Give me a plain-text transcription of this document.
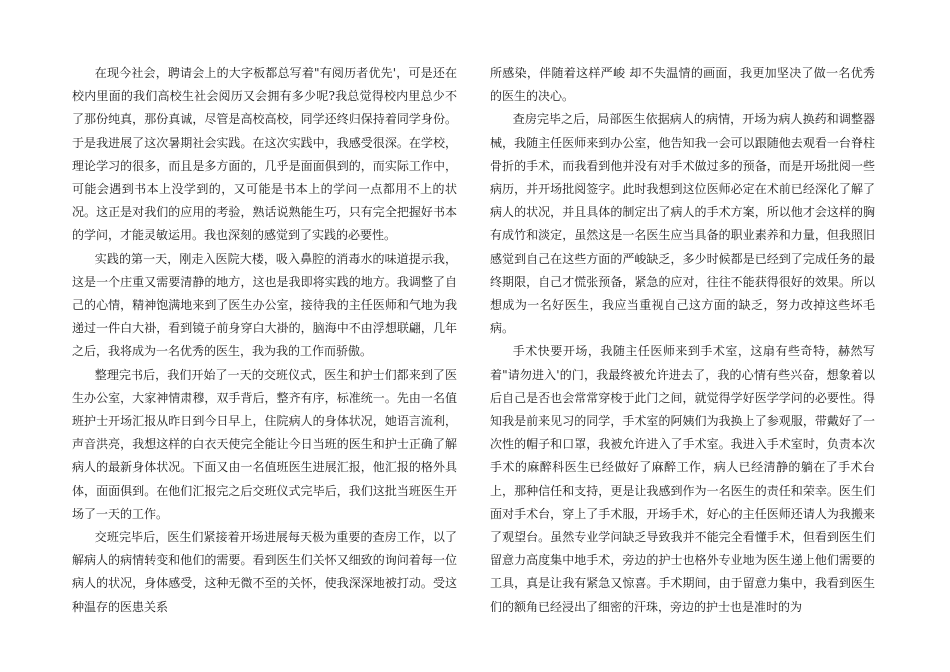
在现今社会，聘请会上的大字板都总写着"有阅历者优先'，可是还在校内里面的我们高校生社会阅历又会拥有多少呢?我总觉得校内里总少不了那份纯真，那份真诚，尽管是高校高校，同学还终归保持着同学身份。于是我进展了这次暑期社会实践。在这次实践中，我感受很深。在学校，理论学习的很多，而且是多方面的，几乎是面面俱到的，而实际工作中，可能会遇到书本上没学到的，又可能是书本上的学问一点都用不上的状况。这正是对我们的应用的考验，熟话说熟能生巧，只有完全把握好书本的学问，才能灵敏运用。我也深刻的感觉到了实践的必要性。

实践的第一天，刚走入医院大楼，吸入鼻腔的消毒水的味道提示我，这是一个庄重又需要清静的地方，这也是我即将实践的地方。我调整了自己的心情，精神饱满地来到了医生办公室，接待我的主任医师和气地为我递过一件白大褂，看到镜子前身穿白大褂的，脑海中不由浮想联翩，几年之后，我将成为一名优秀的医生，我为我的工作而骄傲。

整理完书后，我们开始了一天的交班仪式，医生和护士们都来到了医生办公室，大家神情肃穆，双手背后，整齐有序，标准统一。先由一名值班护士开场汇报从昨日到今日早上，住院病人的身体状况，她语言流利，声音洪亮，我想这样的白衣天使完全能让今日当班的医生和护士正确了解病人的最新身体状况。下面又由一名值班医生进展汇报，他汇报的格外具体，面面俱到。在他们汇报完之后交班仪式完毕后，我们这批当班医生开场了一天的工作。

交班完毕后，医生们紧接着开场进展每天极为重要的查房工作，以了解病人的病情转变和他们的需要。看到医生们关怀又细致的询问着每一位病人的状况，身体感受，这种无微不至的关怀，使我深深地被打动。受这种温存的医患关系

所感染，伴随着这样严峻 却不失温情的画面，我更加坚决了做一名优秀的医生的决心。

查房完毕之后，局部医生依据病人的病情，开场为病人换药和调整器械，我随主任医师来到办公室，他告知我一会可以跟随他去观看一台脊柱骨折的手术，而我看到他并没有对手术做过多的预备，而是开场批阅一些病历，并开场批阅签字。此时我想到这位医师必定在术前已经深化了解了病人的状况，并且具体的制定出了病人的手术方案，所以他才会这样的胸有成竹和淡定，虽然这是一名医生应当具备的职业素养和力量，但我照旧感觉到自己在这些方面的严峻缺乏，多少时候都是已经到了完成任务的最终期限，自己才慌张预备，紧急的应对，往往不能获得很好的效果。所以想成为一名好医生，我应当重视自己这方面的缺乏，努力改掉这些坏毛病。

手术快要开场，我随主任医师来到手术室，这扇有些奇特，赫然写着"请勿进入'的门，我最终被允许进去了，我的心情有些兴奋，想象着以后自己是否也会常常穿梭于此门之间，就觉得学好医学学问的必要性。得知我是前来见习的同学，手术室的阿姨们为我换上了参观服，带戴好了一次性的帽子和口罩，我被允许进入了手术室。我进入手术室时，负责本次手术的麻醉科医生已经做好了麻醉工作，病人已经清静的躺在了手术台上，那种信任和支持，更是让我感到作为一名医生的责任和荣幸。医生们面对手术台，穿上了手术服，开场手术，好心的主任医师还请人为我搬来了观望台。虽然专业学问缺乏导致我并不能完全看懂手术，但看到医生们留意力高度集中地手术，旁边的护士也格外专业地为医生递上他们需要的工具，真是让我有紧急又惊喜。手术期间，由于留意力集中，我看到医生们的额角已经浸出了细密的汗珠，旁边的护士也是准时的为
